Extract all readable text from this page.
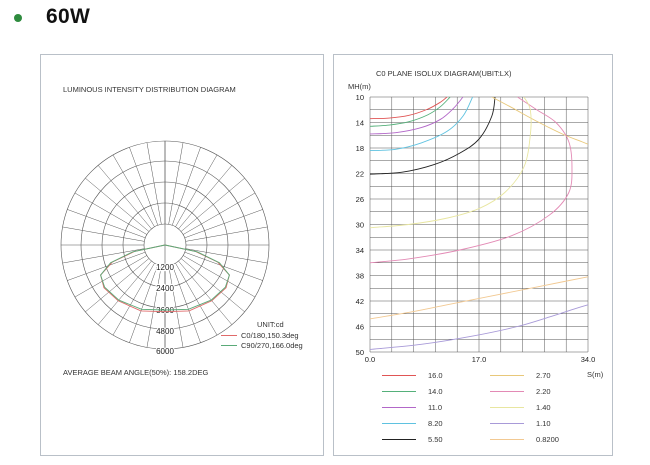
60W
LUMINOUS INTENSITY DISTRIBUTION DIAGRAM
1200
2400
3600
4800
6000
UNIT:cd
C0/180,150.3deg
C90/270,166.0deg
AVERAGE BEAM ANGLE(50%): 158.2DEG
C0 PLANE ISOLUX DIAGRAM(UBIT:LX)
MH(m)
S(m)
10
14
18
22
26
30
34
38
42
46
50
0.0	17.0	34.0
16.0
14.0
11.0
8.20
5.50
2.70
2.20
1.40
1.10
0.8200
